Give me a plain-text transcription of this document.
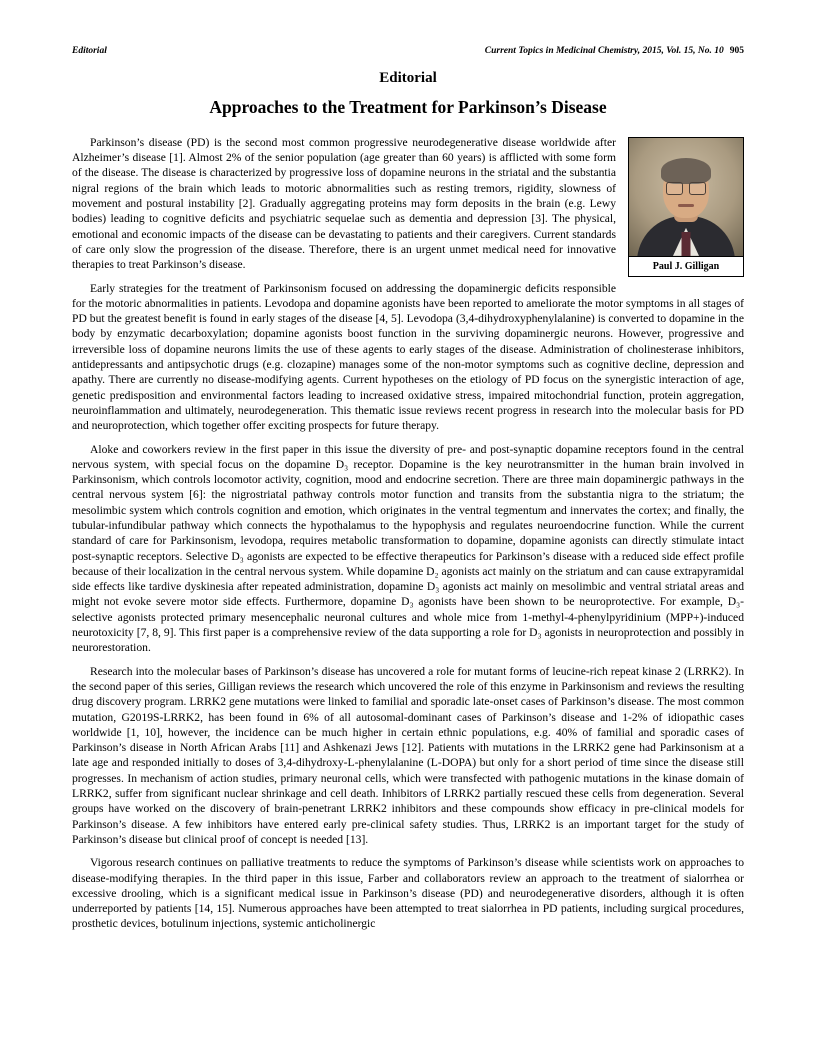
Editorial	Current Topics in Medicinal Chemistry, 2015, Vol. 15, No. 10 905
Editorial
Approaches to the Treatment for Parkinson’s Disease
Paul J. Gilligan

Parkinson’s disease (PD) is the second most common progressive neurodegenerative disease worldwide after Alzheimer’s disease [1]. Almost 2% of the senior population (age greater than 60 years) is afflicted with some form of the disease. The disease is characterized by progressive loss of dopamine neurons in the striatal and the substantia nigral regions of the brain which leads to motoric abnormalities such as resting tremors, rigidity, slowness of movement and postural instability [2]. Gradually aggregating proteins may form deposits in the brain (e.g. Lewy bodies) leading to cognitive deficits and psychiatric sequelae such as dementia and depression [3]. The physical, emotional and economic impacts of the disease can be devastating to patients and their caregivers. Current standards of care only slow the progression of the disease. Therefore, there is an urgent unmet medical need for innovative therapies to treat Parkinson’s disease.

Early strategies for the treatment of Parkinsonism focused on addressing the dopaminergic deficits responsible for the motoric abnormalities in patients. Levodopa and dopamine agonists have been reported to ameliorate the motor symptoms in all stages of PD but the greatest benefit is found in early stages of the disease [4, 5]. Levodopa (3,4-dihydroxyphenylalanine) is converted to dopamine in the body by enzymatic decarboxylation; dopamine agonists boost function in the surviving dopaminergic neurons. However, progressive and irreversible loss of dopamine neurons limits the use of these agents to early stages of the disease. Administration of cholinesterase inhibitors, antidepressants and antipsychotic drugs (e.g. clozapine) manages some of the non-motor symptoms such as cognitive decline, depression and apathy. There are currently no disease-modifying agents. Current hypotheses on the etiology of PD focus on the synergistic interaction of age, genetic predisposition and environmental factors leading to increased oxidative stress, impaired mitochondrial function, protein aggregation, neuroinflammation and ultimately, neurodegeneration. This thematic issue reviews recent progress in research into the molecular basis for PD and neuroprotection, which together offer exciting prospects for future therapy.

Aloke and coworkers review in the first paper in this issue the diversity of pre- and post-synaptic dopamine receptors found in the central nervous system, with special focus on the dopamine D₃ receptor. Dopamine is the key neurotransmitter in the human brain involved in Parkinsonism, which controls locomotor activity, cognition, mood and endocrine secretion. There are three main dopaminergic pathways in the central nervous system [6]: the nigrostriatal pathway controls motor function and transits from the substantia nigra to the striatum; the mesolimbic system which controls cognition and emotion, which originates in the ventral tegmentum and innervates the cortex; and finally, the tubular-infundibular pathway which connects the hypothalamus to the hypophysis and regulates neuroendocrine function. While the current standard of care for Parkinsonism, levodopa, requires metabolic transformation to dopamine, dopamine agonists can directly stimulate intact post-synaptic receptors. Selective D₃ agonists are expected to be effective therapeutics for Parkinson’s disease with a reduced side effect profile because of their localization in the central nervous system. While dopamine D₂ agonists act mainly on the striatum and can cause extrapyramidal side effects like tardive dyskinesia after repeated administration, dopamine D₃ agonists act mainly on mesolimbic and ventral striatal areas and might not evoke severe motor side effects. Furthermore, dopamine D₃ agonists have been shown to be neuroprotective. For example, D₃-selective agonists protected primary mesencephalic neuronal cultures and whole mice from 1-methyl-4-phenylpyridinium (MPP+)-induced neurotoxicity [7, 8, 9]. This first paper is a comprehensive review of the data supporting a role for D₃ agonists in neuroprotection and possibly in neurorestoration.

Research into the molecular bases of Parkinson’s disease has uncovered a role for mutant forms of leucine-rich repeat kinase 2 (LRRK2). In the second paper of this series, Gilligan reviews the research which uncovered the role of this enzyme in Parkinsonism and reviews the resulting drug discovery program. LRRK2 gene mutations were linked to familial and sporadic late-onset cases of Parkinson’s disease. The most common mutation, G2019S-LRRK2, has been found in 6% of all autosomal-dominant cases of Parkinson’s disease and 1-2% of idiopathic cases worldwide [1, 10], however, the incidence can be much higher in certain ethnic populations, e.g. 40% of familial and sporadic cases of Parkinson’s disease in North African Arabs [11] and Ashkenazi Jews [12]. Patients with mutations in the LRRK2 gene had Parkinsonism at a late age and responded initially to doses of 3,4-dihydroxy-L-phenylalanine (L-DOPA) but only for a short period of time since the disease still progresses. In mechanism of action studies, primary neuronal cells, which were transfected with pathogenic mutations in the kinase domain of LRRK2, suffer from significant nuclear shrinkage and cell death. Inhibitors of LRRK2 partially rescued these cells from degeneration. Several groups have worked on the discovery of brain-penetrant LRRK2 inhibitors and these compounds show efficacy in pre-clinical models for Parkinson’s disease. A few inhibitors have entered early pre-clinical safety studies. Thus, LRRK2 is an important target for the study of Parkinson’s disease but clinical proof of concept is needed [13].

Vigorous research continues on palliative treatments to reduce the symptoms of Parkinson’s disease while scientists work on approaches to disease-modifying therapies. In the third paper in this issue, Farber and collaborators review an approach to the treatment of sialorrhea or excessive drooling, which is a significant medical issue in Parkinson’s disease (PD) and neurodegenerative disorders, although it is often underreported by patients [14, 15]. Numerous approaches have been attempted to treat sialorrhea in PD patients, including surgical procedures, prosthetic devices, botulinum injections, systemic anticholinergic
